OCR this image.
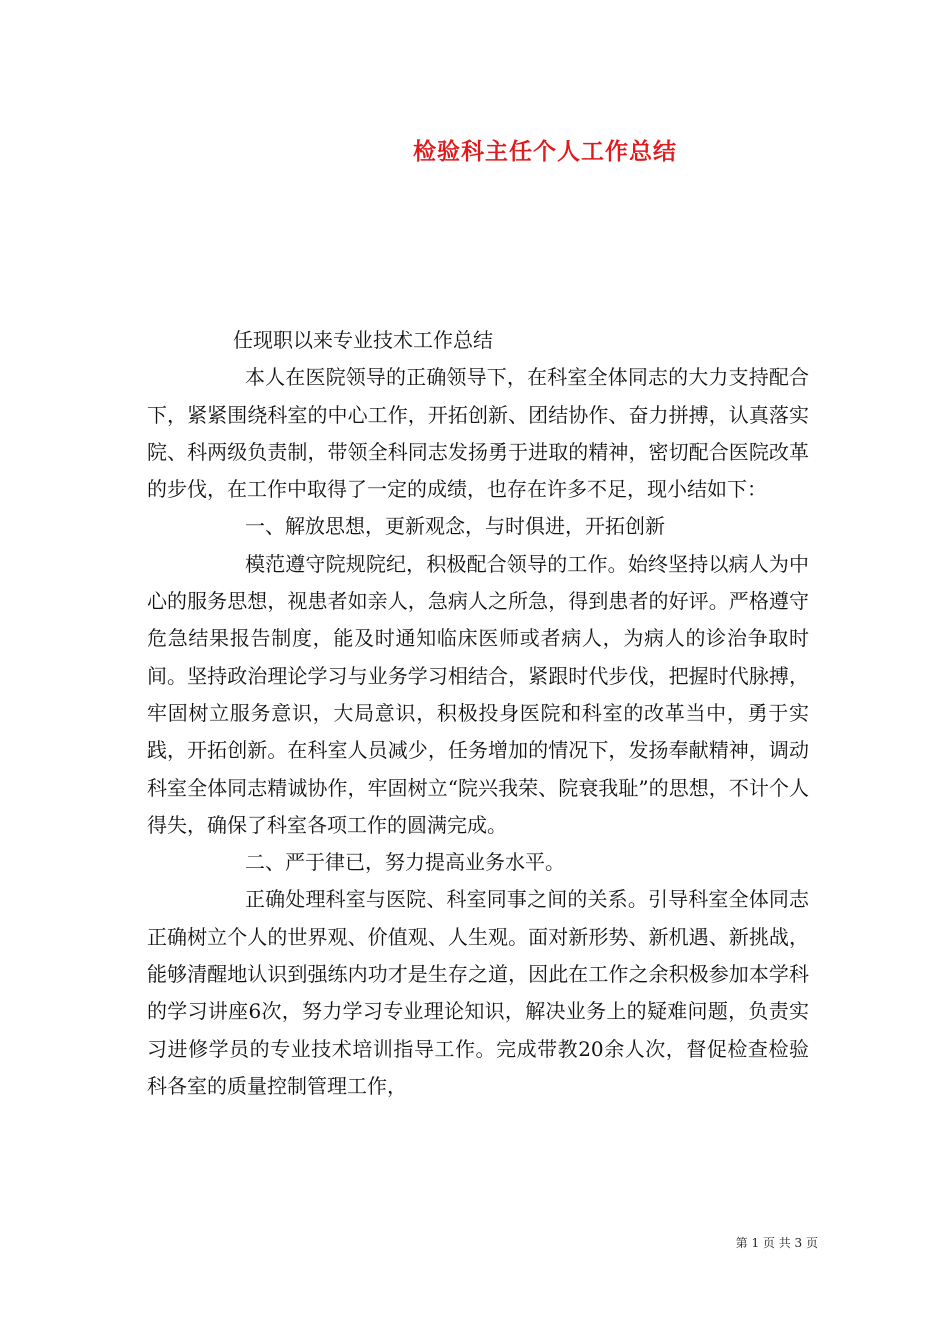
检验科主任个人工作总结

任现职以来专业技术工作总结

本人在医院领导的正确领导下，在科室全体同志的大力支持配合下，紧紧围绕科室的中心工作，开拓创新、团结协作、奋力拼搏，认真落实院、科两级负责制，带领全科同志发扬勇于进取的精神，密切配合医院改革的步伐，在工作中取得了一定的成绩，也存在许多不足，现小结如下：

一、解放思想，更新观念，与时俱进，开拓创新

模范遵守院规院纪，积极配合领导的工作。始终坚持以病人为中心的服务思想，视患者如亲人，急病人之所急，得到患者的好评。严格遵守危急结果报告制度，能及时通知临床医师或者病人，为病人的诊治争取时间。坚持政治理论学习与业务学习相结合，紧跟时代步伐，把握时代脉搏，牢固树立服务意识，大局意识，积极投身医院和科室的改革当中，勇于实践，开拓创新。在科室人员减少，任务增加的情况下，发扬奉献精神，调动科室全体同志精诚协作，牢固树立“院兴我荣、院衰我耻”的思想，不计个人得失，确保了科室各项工作的圆满完成。

二、严于律已，努力提高业务水平。

正确处理科室与医院、科室同事之间的关系。引导科室全体同志正确树立个人的世界观、价值观、人生观。面对新形势、新机遇、新挑战，能够清醒地认识到强练内功才是生存之道，因此在工作之余积极参加本学科的学习讲座6次，努力学习专业理论知识，解决业务上的疑难问题，负责实习进修学员的专业技术培训指导工作。完成带教20余人次，督促检查检验科各室的质量控制管理工作，

第 1 页 共 3 页
